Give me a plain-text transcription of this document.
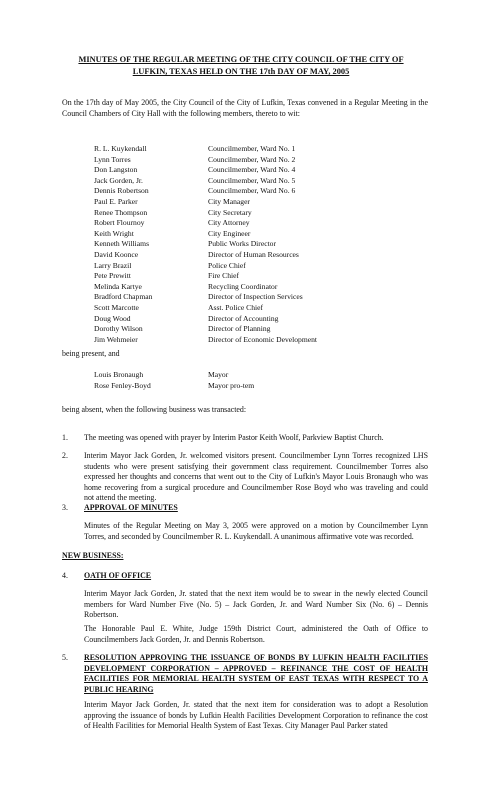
MINUTES OF THE REGULAR MEETING OF THE CITY COUNCIL OF THE CITY OF
LUFKIN, TEXAS HELD ON THE 17th DAY OF MAY, 2005
On the 17th day of May 2005, the City Council of the City of Lufkin, Texas convened in a Regular Meeting in the Council Chambers of City Hall with the following members, thereto to wit:
R. L. Kuykendall	Councilmember, Ward No. 1
Lynn Torres	Councilmember, Ward No. 2
Don Langston	Councilmember, Ward No. 4
Jack Gorden, Jr.	Councilmember, Ward No. 5
Dennis Robertson	Councilmember, Ward No. 6
Paul E. Parker	City Manager
Renee Thompson	City Secretary
Robert Flournoy	City Attorney
Keith Wright	City Engineer
Kenneth Williams	Public Works Director
David Koonce	Director of Human Resources
Larry Brazil	Police Chief
Pete Prewitt	Fire Chief
Melinda Kartye	Recycling Coordinator
Bradford Chapman	Director of Inspection Services
Scott Marcotte	Asst. Police Chief
Doug Wood	Director of Accounting
Dorothy Wilson	Director of Planning
Jim Wehmeier	Director of Economic Development
being present, and
Louis Bronaugh	Mayor
Rose Fenley-Boyd	Mayor pro-tem
being absent, when the following business was transacted:
1.	The meeting was opened with prayer by Interim Pastor Keith Woolf, Parkview Baptist Church.
2.	Interim Mayor Jack Gorden, Jr. welcomed visitors present. Councilmember Lynn Torres recognized LHS students who were present satisfying their government class requirement. Councilmember Torres also expressed her thoughts and concerns that went out to the City of Lufkin's Mayor Louis Bronaugh who was home recovering from a surgical procedure and Councilmember Rose Boyd who was traveling and could not attend the meeting.
3.	APPROVAL OF MINUTES
Minutes of the Regular Meeting on May 3, 2005 were approved on a motion by Councilmember Lynn Torres, and seconded by Councilmember R. L. Kuykendall. A unanimous affirmative vote was recorded.
NEW BUSINESS:
4.	OATH OF OFFICE
Interim Mayor Jack Gorden, Jr. stated that the next item would be to swear in the newly elected Council members for Ward Number Five (No. 5) – Jack Gorden, Jr. and Ward Number Six (No. 6) – Dennis Robertson.
The Honorable Paul E. White, Judge 159th District Court, administered the Oath of Office to Councilmembers Jack Gorden, Jr. and Dennis Robertson.
5.	RESOLUTION APPROVING THE ISSUANCE OF BONDS BY LUFKIN HEALTH FACILITIES DEVELOPMENT CORPORATION – APPROVED – REFINANCE THE COST OF HEALTH FACILITIES FOR MEMORIAL HEALTH SYSTEM OF EAST TEXAS WITH RESPECT TO A PUBLIC HEARING
Interim Mayor Jack Gorden, Jr. stated that the next item for consideration was to adopt a Resolution approving the issuance of bonds by Lufkin Health Facilities Development Corporation to refinance the cost of Health Facilities for Memorial Health System of East Texas. City Manager Paul Parker stated
